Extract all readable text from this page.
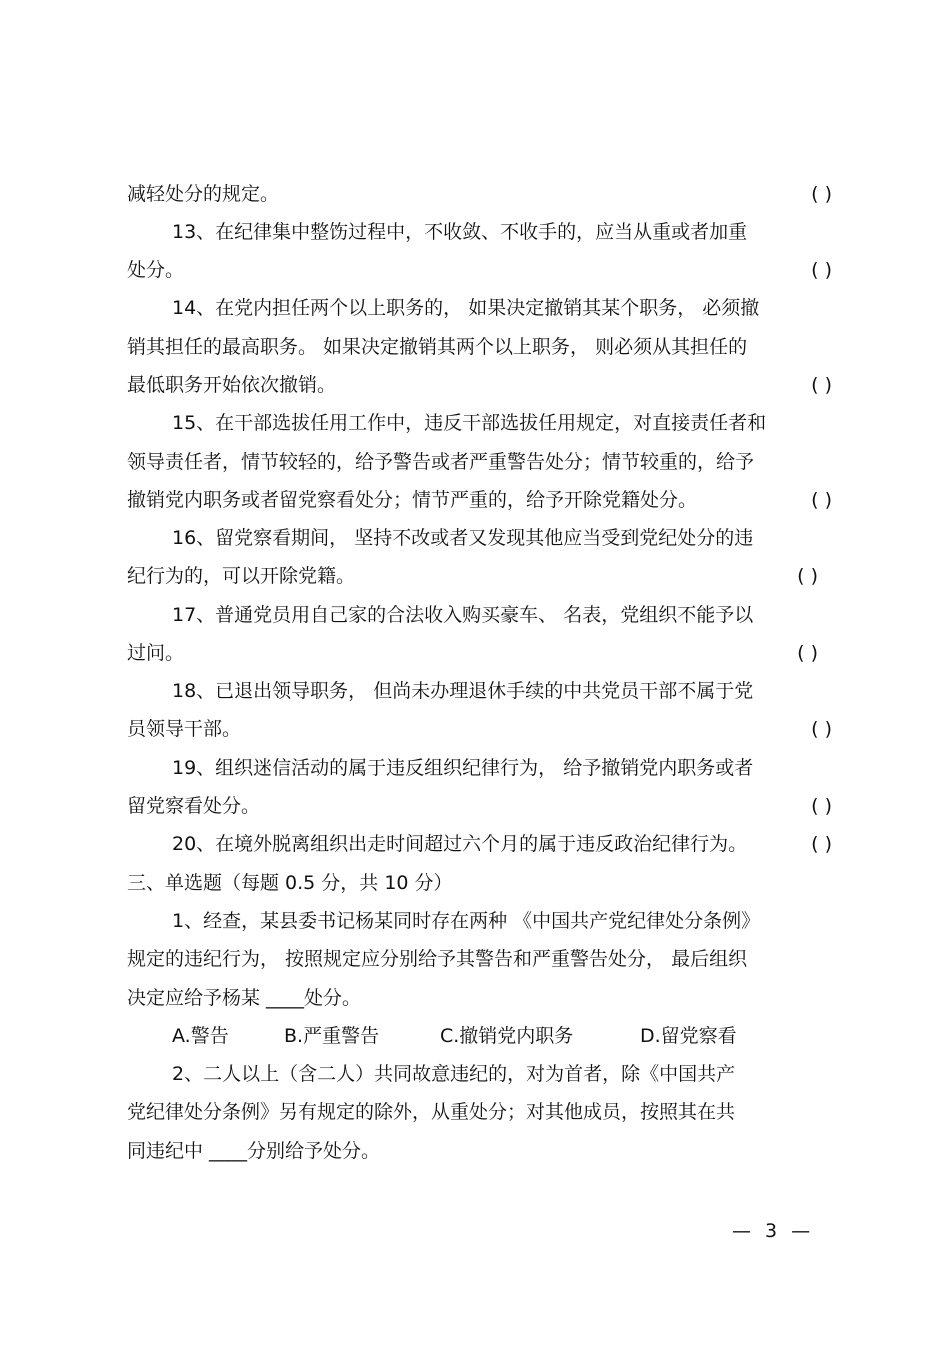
减轻处分的规定。	( )
13、在纪律集中整饬过程中，不收敛、不收手的，应当从重或者加重
处分。	( )
14、在党内担任两个以上职务的， 如果决定撤销其某个职务， 必须撤
销其担任的最高职务。 如果决定撤销其两个以上职务， 则必须从其担任的
最低职务开始依次撤销。	( )
15、在干部选拔任用工作中，违反干部选拔任用规定，对直接责任者和
领导责任者，情节较轻的，给予警告或者严重警告处分；情节较重的，给予
撤销党内职务或者留党察看处分；情节严重的，给予开除党籍处分。	( )
16、留党察看期间， 坚持不改或者又发现其他应当受到党纪处分的违
纪行为的，可以开除党籍。	( )
17、普通党员用自己家的合法收入购买豪车、 名表，党组织不能予以
过问。	( )
18、已退出领导职务， 但尚未办理退休手续的中共党员干部不属于党
员领导干部。	( )
19、组织迷信活动的属于违反组织纪律行为， 给予撤销党内职务或者
留党察看处分。	( )
20、在境外脱离组织出走时间超过六个月的属于违反政治纪律行为。	( )
三、单选题（每题 0.5 分，共 10 分）
1、经查，某县委书记杨某同时存在两种 《中国共产党纪律处分条例》
规定的违纪行为， 按照规定应分别给予其警告和严重警告处分， 最后组织
决定应给予杨某 ____处分。
A.警告	B.严重警告	C.撤销党内职务	D.留党察看
2、二人以上（含二人）共同故意违纪的，对为首者，除《中国共产
党纪律处分条例》另有规定的除外，从重处分；对其他成员，按照其在共
同违纪中 ____分别给予处分。
— 3 —
